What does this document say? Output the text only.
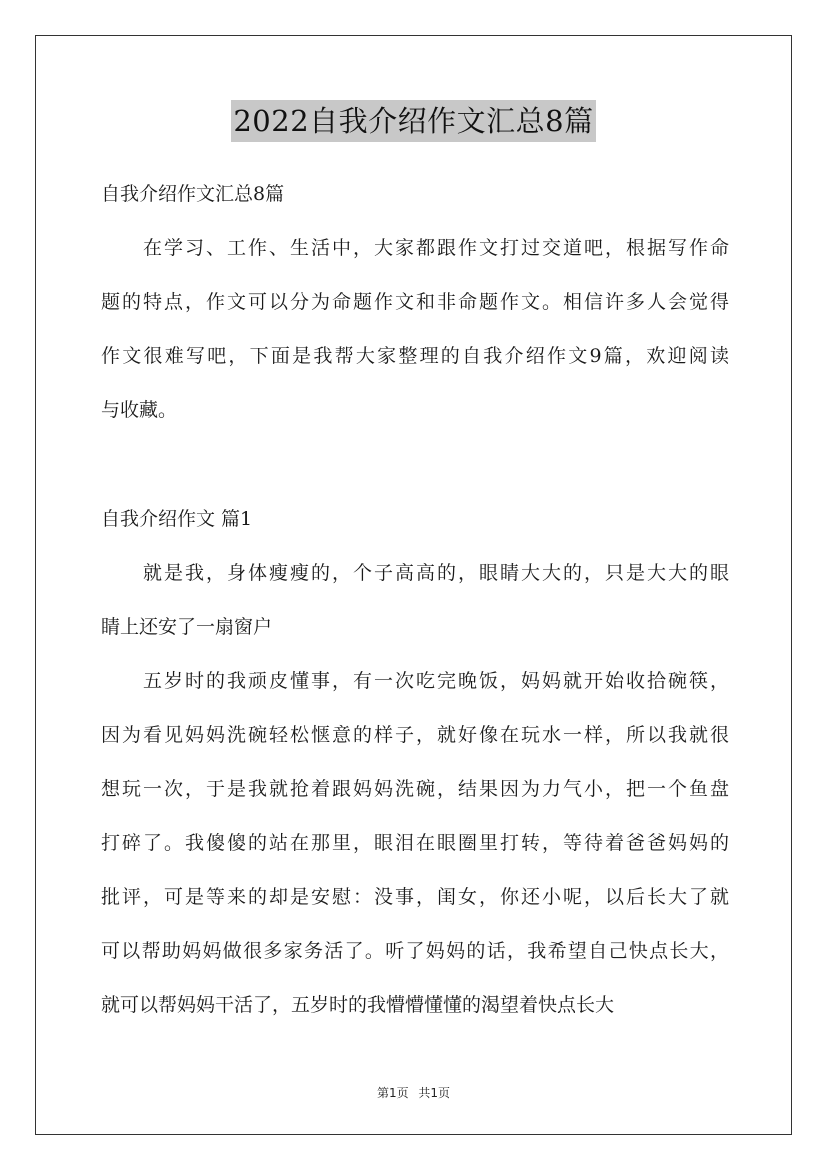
2022自我介绍作文汇总8篇
自我介绍作文汇总8篇
在学习、工作、生活中，大家都跟作文打过交道吧，根据写作命
题的特点，作文可以分为命题作文和非命题作文。相信许多人会觉得
作文很难写吧，下面是我帮大家整理的自我介绍作文9篇，欢迎阅读
与收藏。
自我介绍作文 篇1
就是我，身体瘦瘦的，个子高高的，眼睛大大的，只是大大的眼
睛上还安了一扇窗户
五岁时的我顽皮懂事，有一次吃完晚饭，妈妈就开始收拾碗筷，
因为看见妈妈洗碗轻松惬意的样子，就好像在玩水一样，所以我就很
想玩一次，于是我就抢着跟妈妈洗碗，结果因为力气小，把一个鱼盘
打碎了。我傻傻的站在那里，眼泪在眼圈里打转，等待着爸爸妈妈的
批评，可是等来的却是安慰：没事，闺女，你还小呢，以后长大了就
可以帮助妈妈做很多家务活了。听了妈妈的话，我希望自己快点长大，
就可以帮妈妈干活了，五岁时的我懵懵懂懂的渴望着快点长大
第1页 共1页
